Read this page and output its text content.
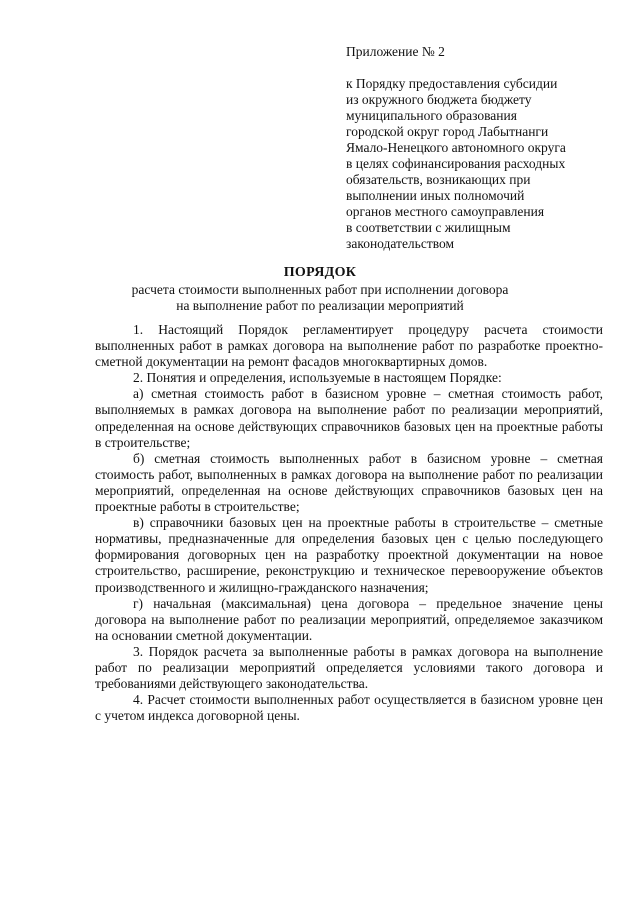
Приложение № 2

к Порядку предоставления субсидии

из окружного бюджета бюджету

муниципального образования

городской округ город Лабытнанги

Ямало-Ненецкого автономного округа

в целях софинансирования расходных

обязательств, возникающих при

выполнении иных полномочий

органов местного самоуправления

в соответствии с жилищным

законодательством

ПОРЯДОК
расчета стоимости выполненных работ при исполнении договора
на выполнение работ по реализации мероприятий

1. Настоящий Порядок регламентирует процедуру расчета стоимости выполненных работ в рамках договора на выполнение работ по разработке проектно-сметной документации на ремонт фасадов многоквартирных домов.

2. Понятия и определения, используемые в настоящем Порядке:

а) сметная стоимость работ в базисном уровне – сметная стоимость работ, выполняемых в рамках договора на выполнение работ по реализации мероприятий, определенная на основе действующих справочников базовых цен на проектные работы в строительстве;

б) сметная стоимость выполненных работ в базисном уровне – сметная стоимость работ, выполненных в рамках договора на выполнение работ по реализации мероприятий, определенная на основе действующих справочников базовых цен на проектные работы в строительстве;

в) справочники базовых цен на проектные работы в строительстве – сметные нормативы, предназначенные для определения базовых цен с целью последующего формирования договорных цен на разработку проектной документации на новое строительство, расширение, реконструкцию и техническое перевооружение объектов производственного и жилищно-гражданского назначения;

г) начальная (максимальная) цена договора – предельное значение цены договора на выполнение работ по реализации мероприятий, определяемое заказчиком на основании сметной документации.

3. Порядок расчета за выполненные работы в рамках договора на выполнение работ по реализации мероприятий определяется условиями такого договора и требованиями действующего законодательства.

4. Расчет стоимости выполненных работ осуществляется в базисном уровне цен с учетом индекса договорной цены.
